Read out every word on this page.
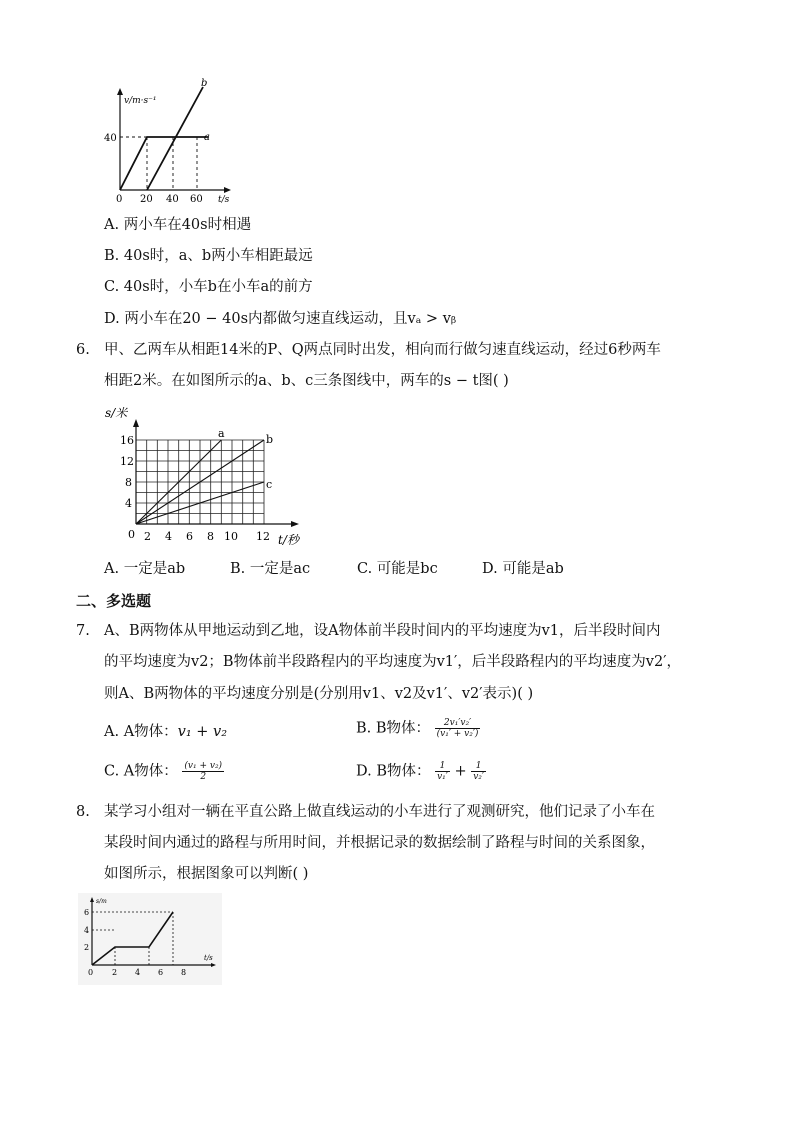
v/m·s⁻¹
t/s
40
0 20 40 60
a
b
A. 两小车在40s时相遇
B. 40s时，a、b两小车相距最远
C. 40s时，小车b在小车a的前方
D. 两小车在20 − 40s内都做匀速直线运动，且vₐ > vᵦ
6. 甲、乙两车从相距14米的P、Q两点同时出发，相向而行做匀速直线运动，经过6秒两车
相距2米。在如图所示的a、b、c三条图线中，两车的s − t图( )
s/米
t/秒
16
12
8
4
0 2 4 6 8 10 12
a	b
c
A. 一定是ab	B. 一定是ac	C. 可能是bc	D. 可能是ab
二、多选题
7. A、B两物体从甲地运动到乙地，设A物体前半段时间内的平均速度为v1，后半段时间内
的平均速度为v2；B物体前半段路程内的平均速度为v1′，后半段路程内的平均速度为v2′，
则A、B两物体的平均速度分别是(分别用v1、v2及v1′、v2′表示)( )
A. A物体：v₁ + v₂	B. B物体： $\frac{\text{2v₁′v₂′}}{\text{(v₁′ + v₂′)}}$
C. A物体： $\frac{\text{(v₁ + v₂)}}{2}$	D. B物体： $\frac{1}{\text{v₁′}} + \frac{1}{\text{v₂′}}$
8. 某学习小组对一辆在平直公路上做直线运动的小车进行了观测研究，他们记录了小车在
某段时间内通过的路程与所用时间，并根据记录的数据绘制了路程与时间的关系图象，
如图所示，根据图象可以判断( )
s/m
t/s
6
4
2
0 2 4 6 8
